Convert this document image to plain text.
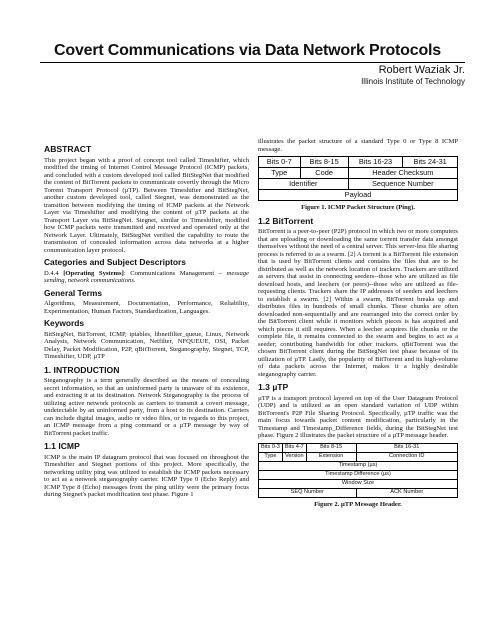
Covert Communications via Data Network Protocols
Robert Waziak Jr.
Illinois Institute of Technology
ABSTRACT

This project began with a proof of concept tool called Timeshifter, which modified the timing of Internet Control Message Protocol (ICMP) packets, and concluded with a custom developed tool called BitStegNet that modified the content of BitTorrent packets to communicate covertly through the Micro Torrent Transport Protocol (µTP). Between Timeshifter and BitStegNet, another custom developed tool, called Stegnet, was demonstrated as the transition between modifying the timing of ICMP packets at the Network Layer via Timeshifter and modifying the content of µTP packets at the Transport Layer via BitStegNet. Stegnet, similar to Timeshifter, modified how ICMP packets were transmitted and received and operated only at the Network Layer. Ultimately, BitStegNet verified the capability to route the transmission of concealed information across data networks at a higher communication layer protocol.

Categories and Subject Descriptors

D.4.4 [Operating Systems]: Communications Management – message sending, network communications.

General Terms

Algorithms, Measurement, Documentation, Performance, Reliability, Experimentation, Human Factors, Standardization, Languages.

Keywords

BitStegNet, BitTorrent, ICMP, iptables, libnetfilter_queue, Linux, Network Analysis, Network Communication, Netfilter, NFQUEUE, OSI, Packet Delay, Packet Modification, P2P, qBitTorrent, Steganography, Stegnet, TCP, Timeshifter, UDP, µTP

1. INTRODUCTION

Steganography is a term generally described as the means of concealing secret information, so that an uninformed party is unaware of its existence, and extracting it at its destination. Network Steganography is the process of utilizing active network protocols as carriers to transmit a covert message, undetectable by an uninformed party, from a host to its destination. Carriers can include digital images, audio or video files, or in regards to this project, an ICMP message from a ping command or a µTP message by way of BitTorrent packet traffic.

1.1 ICMP

ICMP is the main IP datagram protocol that was focused on throughout the Timeshifter and Stegnet portions of this project. More specifically, the networking utility ping was utilized to establish the ICMP packets necessary to act as a network steganography carrier. ICMP Type 0 (Echo Reply) and ICMP Type 8 (Echo) messages from the ping utility were the primary focus during Stegnet's packet modification test phase. Figure 1

illustrates the packet structure of a standard Type 0 or Type 8 ICMP message.

Bits 0-7	Bits 8-15	Bits 16-23	Bits 24-31
Type	Code	Header Checksum	
Identifier		Sequence Number	
Payload			
Figure 1. ICMP Packet Structure (Ping).
1.2 BitTorrent

BitTorrent is a peer-to-peer (P2P) protocol in which two or more computers that are uploading or downloading the same torrent transfer data amongst themselves without the need of a central server. This server-less file sharing process is referred to as a swarm. [2] A torrent is a BitTorrent file extension that is used by BitTorrent clients and contains the files that are to be distributed as well as the network location of trackers. Trackers are utilized as servers that assist in connecting seeders--those who are utilized as file download hosts, and leechers (or peers)--those who are utilized as file-requesting clients. Trackers share the IP addresses of seeders and leechers to establish a swarm. [2] Within a swarm, BitTorrent breaks up and distributes files in hundreds of small chunks. These chunks are often downloaded non-sequentially and are rearranged into the correct order by the BitTorrent client while it monitors which pieces is has acquired and which pieces it still requires. When a leecher acquires file chunks or the complete file, it remains connected to the swarm and begins to act as a seeder; contributing bandwidth for other trackers. qBitTorrent was the chosen BitTorrent client during the BitStegNet test phase because of its utilization of µTP. Lastly, the popularity of BitTorrent and its high-volume of data packets across the Internet, makes it a highly desirable steganography carrier.

1.3 µTP

µTP is a transport protocol layered on top of the User Datagram Protocol (UDP) and is utilized as an open standard variation of UDP within BitTorrent's P2P File Sharing Protocol. Specifically, µTP traffic was the main focus towards packet content modification, particularly in the Timestamp and Timestamp_Difference fields, during the BitStegNet test phase. Figure 2 illustrates the packet structure of a µTP message header.

Bits 0-3	Bits 4-7	Bits 8-15	Bits 16-31
Type	Version	Extension	Connection ID
Timestamp (µs)			
Timestamp Difference (µs)			
Window Size			
SEQ Number			ACK Number
Figure 2. µTP Message Header.
